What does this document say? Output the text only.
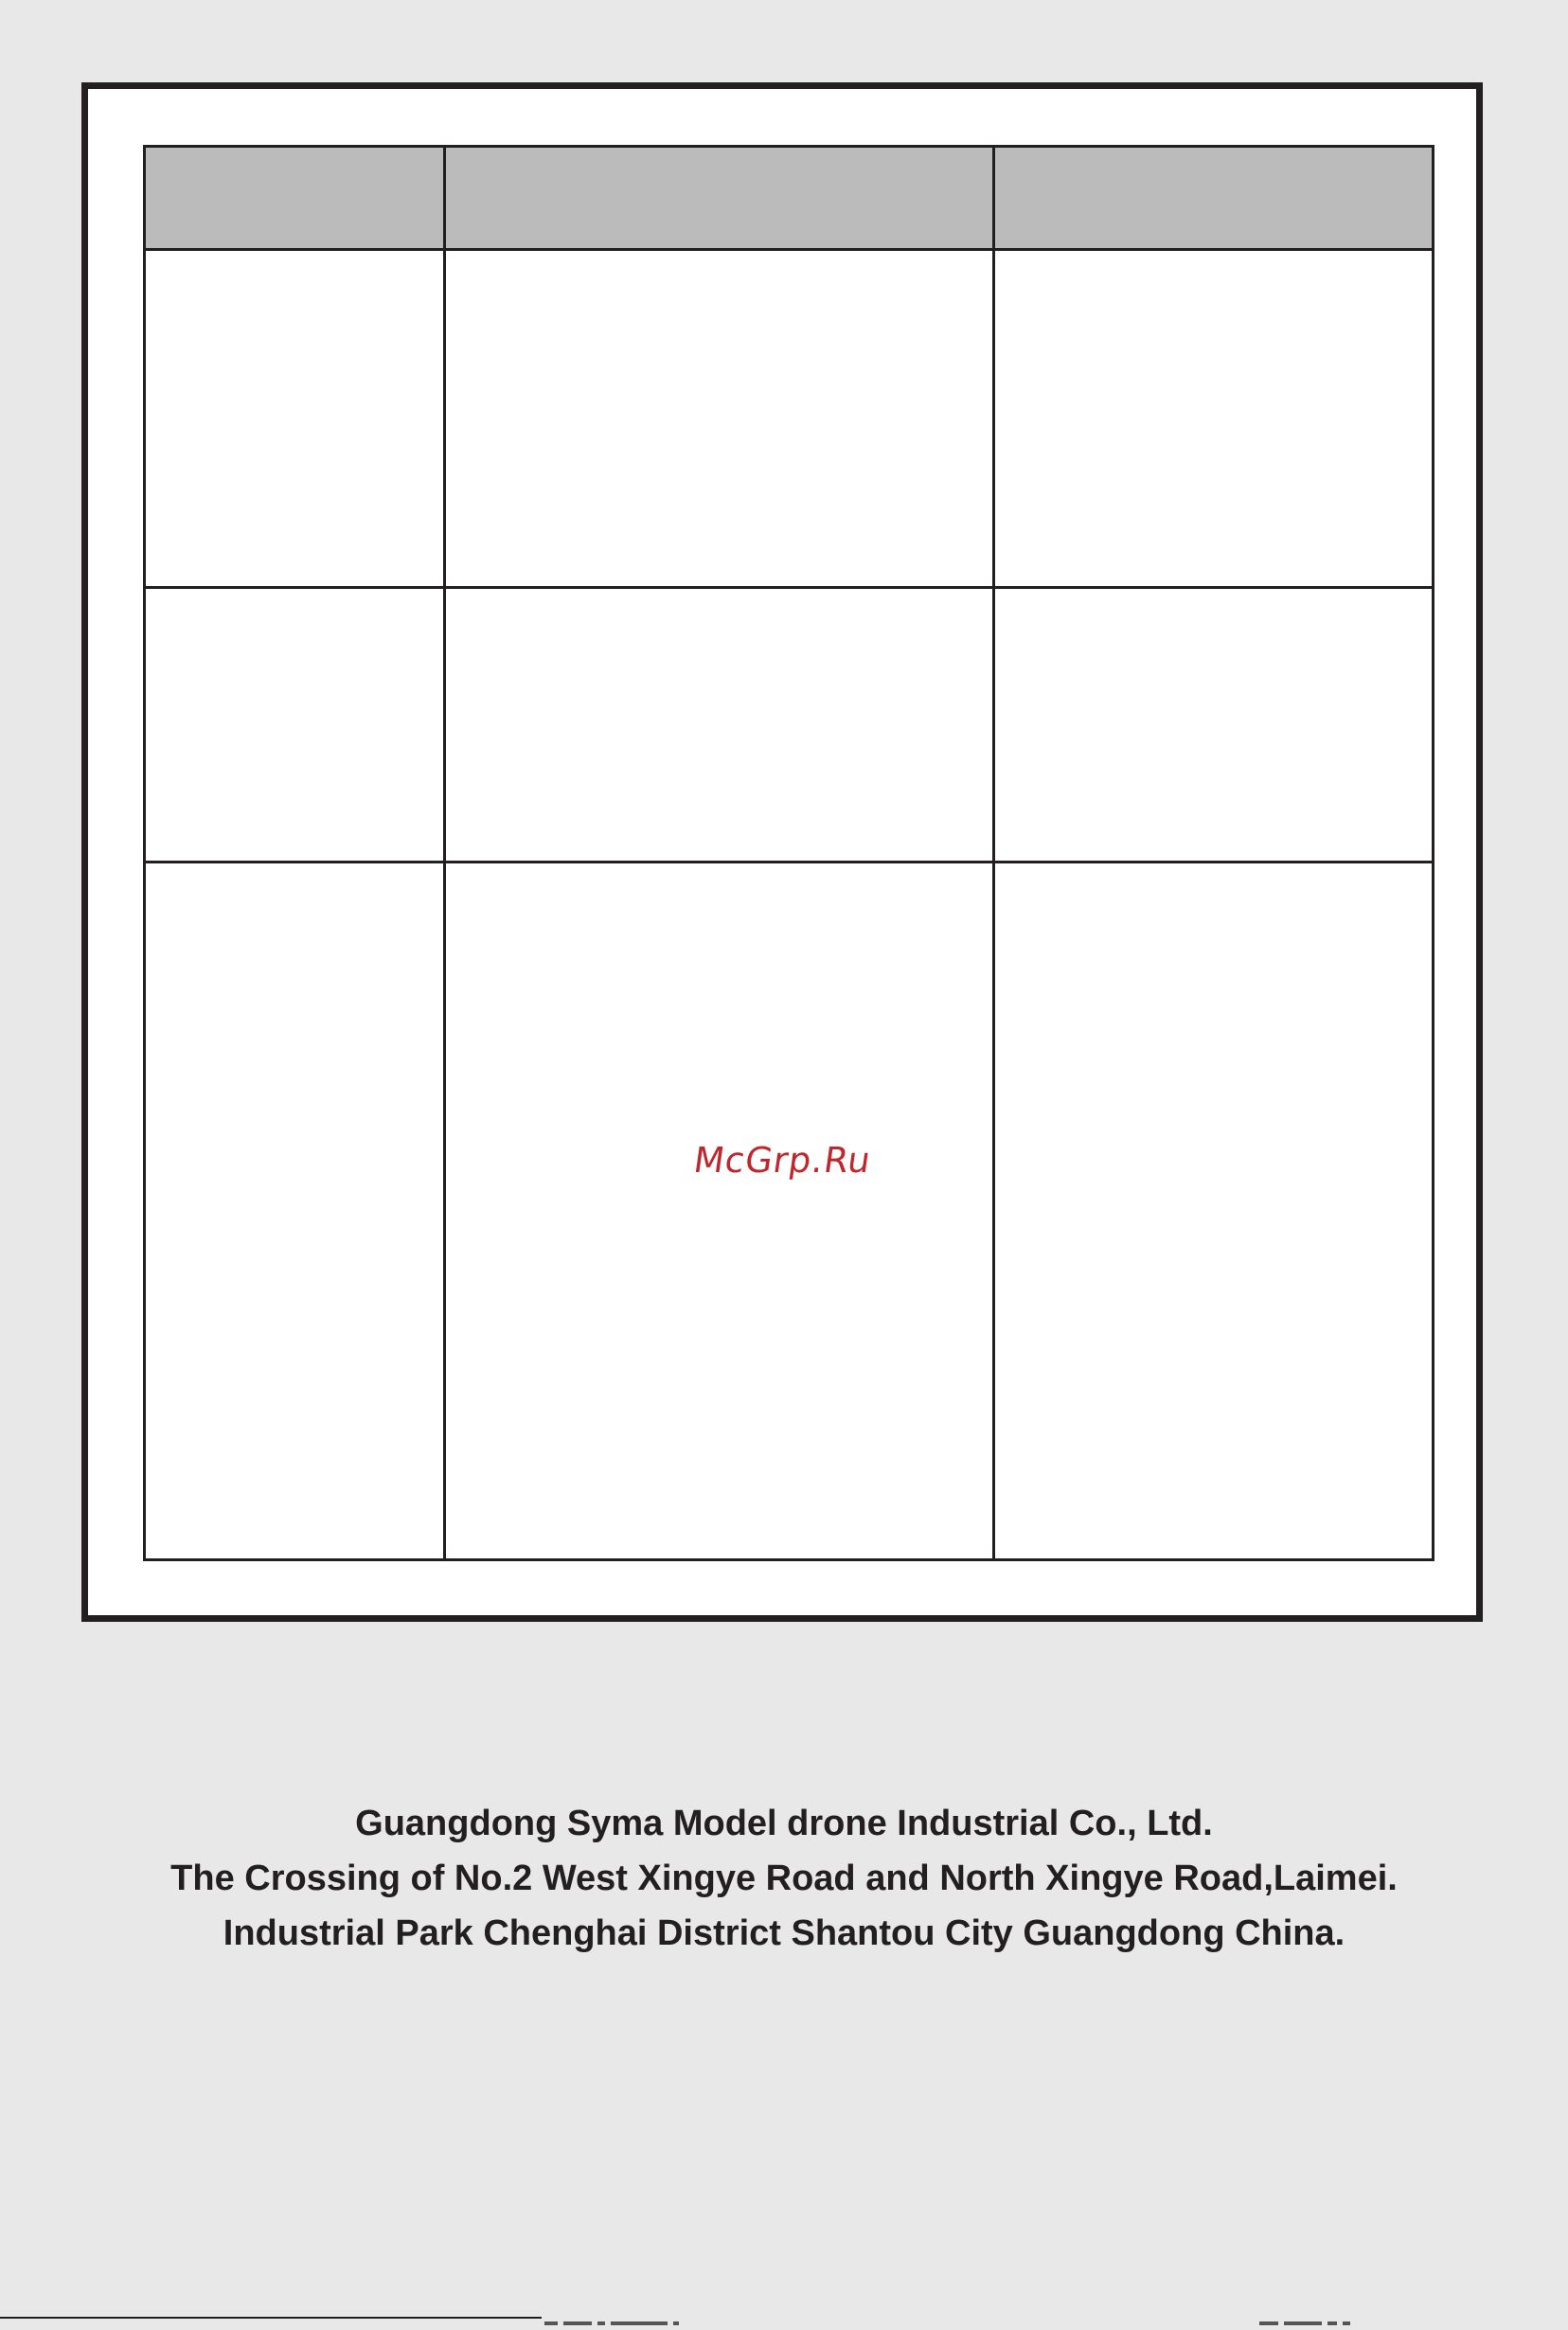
McGrp.Ru
Guangdong Syma Model drone Industrial Co., Ltd.
The Crossing of No.2 West Xingye Road and North Xingye Road,Laimei.
Industrial Park Chenghai District Shantou City Guangdong China.
